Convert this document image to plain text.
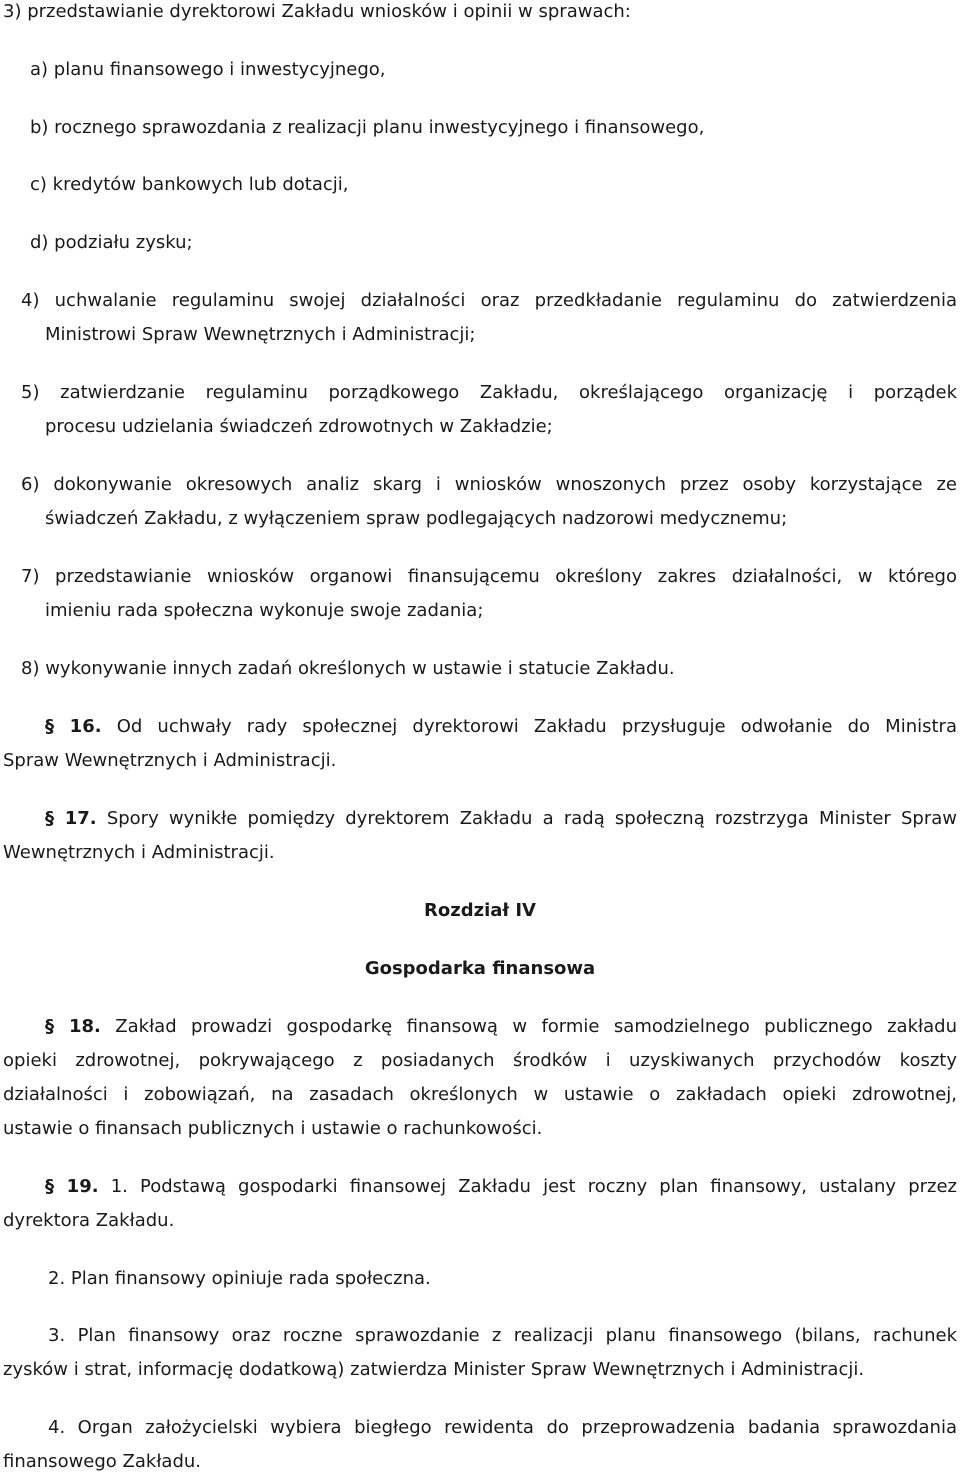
3) przedstawianie dyrektorowi Zakładu wniosków i opinii w sprawach:
a) planu finansowego i inwestycyjnego,
b) rocznego sprawozdania z realizacji planu inwestycyjnego i finansowego,
c) kredytów bankowych lub dotacji,
d) podziału zysku;
4) uchwalanie regulaminu swojej działalności oraz przedkładanie regulaminu do zatwierdzenia
Ministrowi Spraw Wewnętrznych i Administracji;
5) zatwierdzanie regulaminu porządkowego Zakładu, określającego organizację i porządek
procesu udzielania świadczeń zdrowotnych w Zakładzie;
6) dokonywanie okresowych analiz skarg i wniosków wnoszonych przez osoby korzystające ze
świadczeń Zakładu, z wyłączeniem spraw podlegających nadzorowi medycznemu;
7) przedstawianie wniosków organowi finansującemu określony zakres działalności, w którego
imieniu rada społeczna wykonuje swoje zadania;
8) wykonywanie innych zadań określonych w ustawie i statucie Zakładu.
§ 16. Od uchwały rady społecznej dyrektorowi Zakładu przysługuje odwołanie do Ministra
Spraw Wewnętrznych i Administracji.
§ 17. Spory wynikłe pomiędzy dyrektorem Zakładu a radą społeczną rozstrzyga Minister Spraw
Wewnętrznych i Administracji.
Rozdział IV
Gospodarka finansowa
§ 18. Zakład prowadzi gospodarkę finansową w formie samodzielnego publicznego zakładu
opieki zdrowotnej, pokrywającego z posiadanych środków i uzyskiwanych przychodów koszty
działalności i zobowiązań, na zasadach określonych w ustawie o zakładach opieki zdrowotnej,
ustawie o finansach publicznych i ustawie o rachunkowości.
§ 19. 1. Podstawą gospodarki finansowej Zakładu jest roczny plan finansowy, ustalany przez
dyrektora Zakładu.
2. Plan finansowy opiniuje rada społeczna.
3. Plan finansowy oraz roczne sprawozdanie z realizacji planu finansowego (bilans, rachunek
zysków i strat, informację dodatkową) zatwierdza Minister Spraw Wewnętrznych i Administracji.
4. Organ założycielski wybiera biegłego rewidenta do przeprowadzenia badania sprawozdania
finansowego Zakładu.
